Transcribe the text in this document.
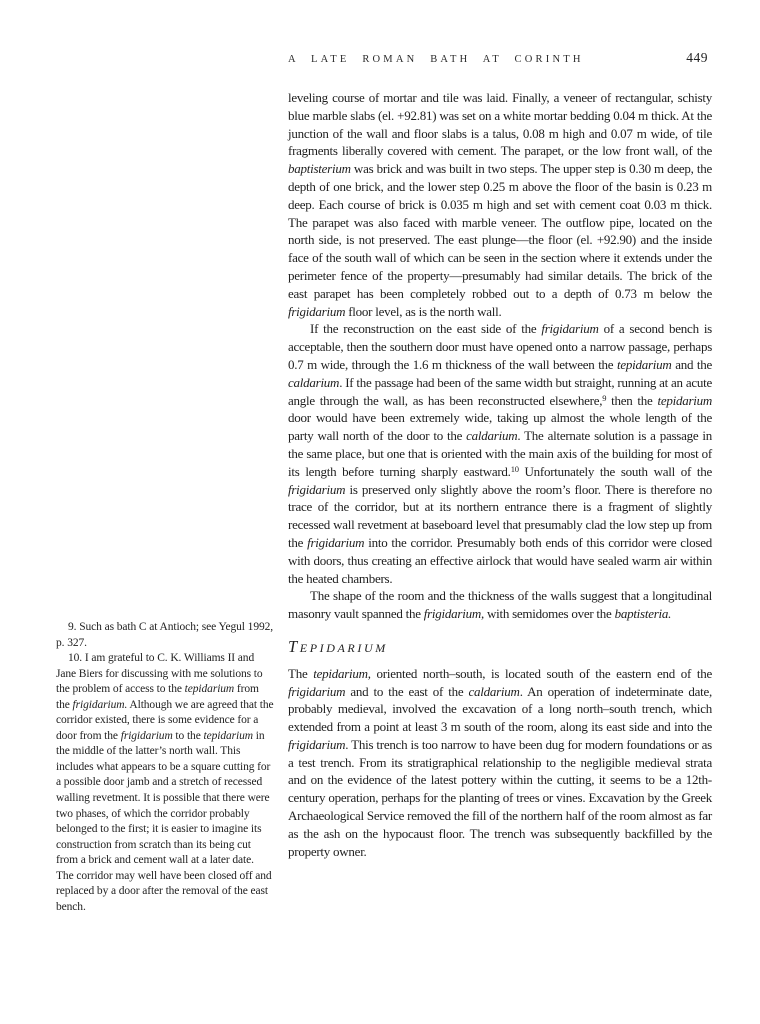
A LATE ROMAN BATH AT CORINTH	449

leveling course of mortar and tile was laid. Finally, a veneer of rectangular, schisty blue marble slabs (el. +92.81) was set on a white mortar bedding 0.04 m thick. At the junction of the wall and floor slabs is a talus, 0.08 m high and 0.07 m wide, of tile fragments liberally covered with cement. The parapet, or the low front wall, of the baptisterium was brick and was built in two steps. The upper step is 0.30 m deep, the depth of one brick, and the lower step 0.25 m above the floor of the basin is 0.23 m deep. Each course of brick is 0.035 m high and set with cement coat 0.03 m thick. The parapet was also faced with marble veneer. The outflow pipe, located on the north side, is not preserved. The east plunge—the floor (el. +92.90) and the inside face of the south wall of which can be seen in the section where it extends under the perimeter fence of the property—presumably had similar details. The brick of the east parapet has been completely robbed out to a depth of 0.73 m below the frigidarium floor level, as is the north wall.

If the reconstruction on the east side of the frigidarium of a second bench is acceptable, then the southern door must have opened onto a narrow passage, perhaps 0.7 m wide, through the 1.6 m thickness of the wall between the tepidarium and the caldarium. If the passage had been of the same width but straight, running at an acute angle through the wall, as has been reconstructed elsewhere,$^9$ then the tepidarium door would have been extremely wide, taking up almost the whole length of the party wall north of the door to the caldarium. The alternate solution is a passage in the same place, but one that is oriented with the main axis of the building for most of its length before turning sharply eastward.$^{10}$ Unfortunately the south wall of the frigidarium is preserved only slightly above the room’s floor. There is therefore no trace of the corridor, but at its northern entrance there is a fragment of slightly recessed wall revetment at baseboard level that presumably clad the low step up from the frigidarium into the corridor. Presumably both ends of this corridor were closed with doors, thus creating an effective airlock that would have sealed warm air within the heated chambers.

The shape of the room and the thickness of the walls suggest that a longitudinal masonry vault spanned the frigidarium, with semidomes over the baptisteria.

Tepidarium

The tepidarium, oriented north–south, is located south of the eastern end of the frigidarium and to the east of the caldarium. An operation of indeterminate date, probably medieval, involved the excavation of a long north–south trench, which extended from a point at least 3 m south of the room, along its east side and into the frigidarium. This trench is too narrow to have been dug for modern foundations or as a test trench. From its stratigraphical relationship to the negligible medieval strata and on the evidence of the latest pottery within the cutting, it seems to be a 12th-century operation, perhaps for the planting of trees or vines. Excavation by the Greek Archaeological Service removed the fill of the northern half of the room almost as far as the ash on the hypocaust floor. The trench was subsequently backfilled by the property owner.

9. Such as bath C at Antioch; see Yegul 1992, p. 327.

10. I am grateful to C. K. Williams II and Jane Biers for discussing with me solutions to the problem of access to the tepidarium from the frigidarium. Although we are agreed that the corridor existed, there is some evidence for a door from the frigidarium to the tepidarium in the middle of the latter’s north wall. This includes what appears to be a square cutting for a possible door jamb and a stretch of recessed walling revetment. It is possible that there were two phases, of which the corridor probably belonged to the first; it is easier to imagine its construction from scratch than its being cut from a brick and cement wall at a later date. The corridor may well have been closed off and replaced by a door after the removal of the east bench.
